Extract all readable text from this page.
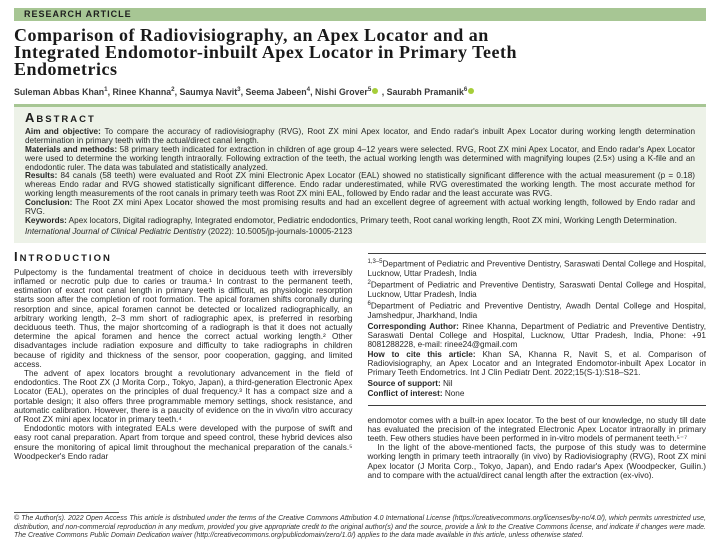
RESEARCH ARTICLE
Comparison of Radiovisiography, an Apex Locator and an
Integrated Endomotor-inbuilt Apex Locator in Primary Teeth
Endometrics
Suleman Abbas Khan$^1$, Rinee Khanna$^2$, Saumya Navit$^3$, Seema Jabeen$^4$, Nishi Grover$^5$ , Saurabh Pramanik$^6$
ABSTRACT

Aim and objective: To compare the accuracy of radiovisiography (RVG), Root ZX mini Apex locator, and Endo radar's inbuilt Apex Locator during working length determination determination in primary teeth with the actual/direct canal length.

Materials and methods: 58 primary teeth indicated for extraction in children of age group 4–12 years were selected. RVG, Root ZX mini Apex Locator, and Endo radar's Apex Locator were used to determine the working length intraorally. Following extraction of the teeth, the actual working length was determined with magnifying loupes (2.5×) using a K-file and an endodontic ruler. The data was tabulated and statistically analyzed.

Results: 84 canals (58 teeth) were evaluated and Root ZX mini Electronic Apex Locator (EAL) showed no statistically significant difference with the actual measurement (p = 0.18) whereas Endo radar and RVG showed statistically significant difference. Endo radar underestimated, while RVG overestimated the working length. The most accurate method for working length measurements of the root canals in primary teeth was Root ZX mini EAL, followed by Endo radar and the least accurate was RVG.

Conclusion: The Root ZX mini Apex Locator showed the most promising results and had an excellent degree of agreement with actual working length, followed by Endo radar and RVG.

Keywords: Apex locators, Digital radiography, Integrated endomotor, Pediatric endodontics, Primary teeth, Root canal working length, Root ZX mini, Working Length Determination.

International Journal of Clinical Pediatric Dentistry (2022): 10.5005/jp-journals-10005-2123

INTRODUCTION

Pulpectomy is the fundamental treatment of choice in deciduous teeth with irreversibly inflamed or necrotic pulp due to caries or trauma.¹ In contrast to the permanent teeth, estimation of exact root canal length in primary teeth is difficult, as physiologic resorption starts soon after the completion of root formation. The apical foramen shifts coronally during resorption and since, apical foramen cannot be detected or localized radiographically, an arbitrary working length, 2–3 mm short of radiographic apex, is preferred in resorbing deciduous teeth. Thus, the major shortcoming of a radiograph is that it does not actually determine the apical foramen and hence the correct actual working length.² Other disadvantages include radiation exposure and difficulty to take radiographs in children because of rigidity and thickness of the sensor, poor cooperation, gagging, and limited access.

The advent of apex locators brought a revolutionary advancement in the field of endodontics. The Root ZX (J Morita Corp., Tokyo, Japan), a third-generation Electronic Apex Locator (EAL), operates on the principles of dual frequency.³ It has a compact size and a portable design; it also offers three programmable memory settings, shock resistance, and automatic calibration. However, there is a paucity of evidence on the in vivo/in vitro accuracy of Root ZX mini apex locator in primary teeth.⁴

Endodontic motors with integrated EALs were developed with the purpose of swift and easy root canal preparation. Apart from torque and speed control, these hybrid devices also ensure the monitoring of apical limit throughout the mechanical preparation of the canals.⁵ Woodpecker's Endo radar

$^{1,3-5}$Department of Pediatric and Preventive Dentistry, Saraswati Dental College and Hospital, Lucknow, Uttar Pradesh, India

$^2$Department of Pediatric and Preventive Dentistry, Saraswati Dental College and Hospital, Lucknow, Uttar Pradesh, India

$^6$Department of Pediatric and Preventive Dentistry, Awadh Dental College and Hospital, Jamshedpur, Jharkhand, India

Corresponding Author: Rinee Khanna, Department of Pediatric and Preventive Dentistry, Saraswati Dental College and Hospital, Lucknow, Uttar Pradesh, India, Phone: +91 8081288228, e-mail: rinee24@gmail.com

How to cite this article: Khan SA, Khanna R, Navit S, et al. Comparison of Radiovisiography, an Apex Locator and an Integrated Endomotor-inbuilt Apex Locator in Primary Teeth Endometrics. Int J Clin Pediatr Dent. 2022;15(S-1):S18–S21.

Source of support: Nil

Conflict of interest: None

endomotor comes with a built-in apex locator. To the best of our knowledge, no study till date has evaluated the precision of the integrated Electronic Apex Locator intraorally in primary teeth. Few others studies have been performed in in-vitro models of permanent teeth.⁵⁻⁷

In the light of the above-mentioned facts, the purpose of this study was to determine working length in primary teeth intraorally (in vivo) by Radiovisiography (RVG), Root ZX mini Apex locator (J Morita Corp., Tokyo, Japan), and Endo radar's Apex (Woodpecker, Guilin.) and to compare with the actual/direct canal length after the extraction (ex-vivo).

© The Author(s). 2022 Open Access This article is distributed under the terms of the Creative Commons Attribution 4.0 International License (https://creativecommons.org/licenses/by-nc/4.0/), which permits unrestricted use, distribution, and non-commercial reproduction in any medium, provided you give appropriate credit to the original author(s) and the source, provide a link to the Creative Commons license, and indicate if changes were made. The Creative Commons Public Domain Dedication waiver (http://creativecommons.org/publicdomain/zero/1.0/) applies to the data made available in this article, unless otherwise stated.
